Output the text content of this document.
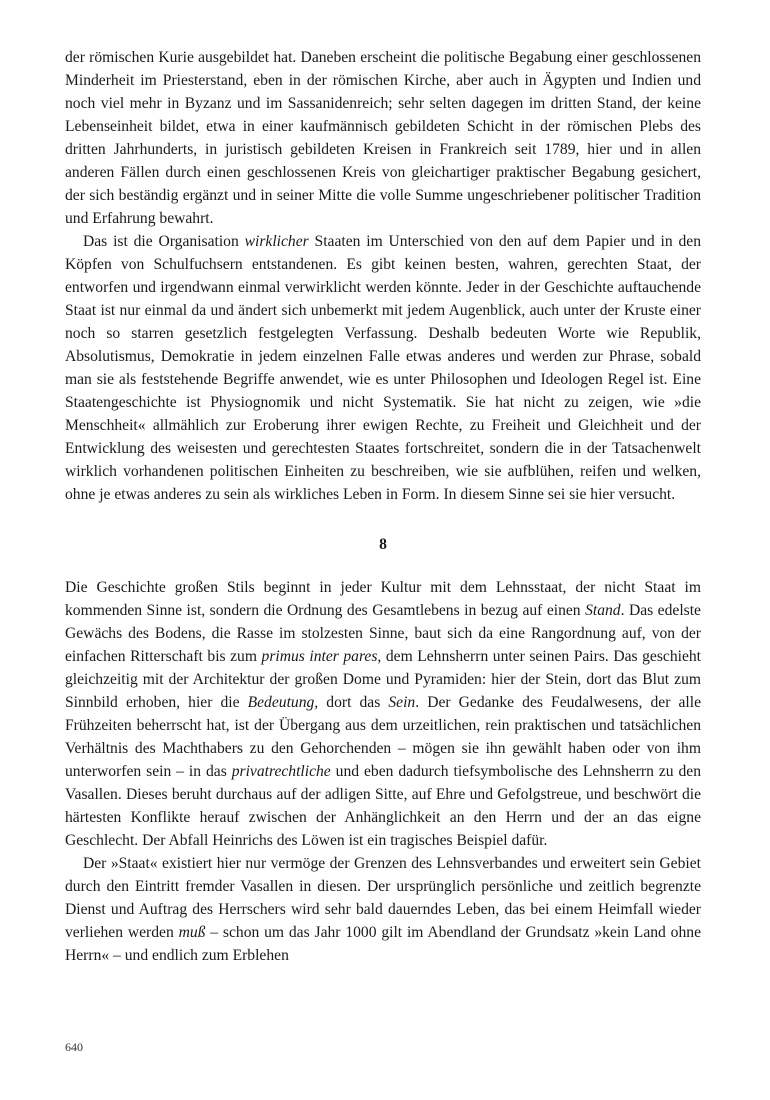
der römischen Kurie ausgebildet hat. Daneben erscheint die politische Begabung einer geschlossenen Minderheit im Priesterstand, eben in der römischen Kirche, aber auch in Ägypten und Indien und noch viel mehr in Byzanz und im Sassanidenreich; sehr selten dagegen im dritten Stand, der keine Lebenseinheit bildet, etwa in einer kaufmännisch gebildeten Schicht in der römischen Plebs des dritten Jahrhunderts, in juristisch gebildeten Kreisen in Frankreich seit 1789, hier und in allen anderen Fällen durch einen geschlossenen Kreis von gleichartiger praktischer Begabung gesichert, der sich beständig ergänzt und in seiner Mitte die volle Summe ungeschriebener politischer Tradition und Erfahrung bewahrt.

Das ist die Organisation wirklicher Staaten im Unterschied von den auf dem Papier und in den Köpfen von Schulfuchsern entstandenen. Es gibt keinen besten, wahren, gerechten Staat, der entworfen und irgendwann einmal verwirklicht werden könnte. Jeder in der Geschichte auftauchende Staat ist nur einmal da und ändert sich unbemerkt mit jedem Augenblick, auch unter der Kruste einer noch so starren gesetzlich festgelegten Verfassung. Deshalb bedeuten Worte wie Republik, Absolutismus, Demokratie in jedem einzelnen Falle etwas anderes und werden zur Phrase, sobald man sie als feststehende Begriffe anwendet, wie es unter Philosophen und Ideologen Regel ist. Eine Staatengeschichte ist Physiognomik und nicht Systematik. Sie hat nicht zu zeigen, wie »die Menschheit« allmählich zur Eroberung ihrer ewigen Rechte, zu Freiheit und Gleichheit und der Entwicklung des weisesten und gerechtesten Staates fortschreitet, sondern die in der Tatsachenwelt wirklich vorhandenen politischen Einheiten zu beschreiben, wie sie aufblühen, reifen und welken, ohne je etwas anderes zu sein als wirkliches Leben in Form. In diesem Sinne sei sie hier versucht.

8

Die Geschichte großen Stils beginnt in jeder Kultur mit dem Lehnsstaat, der nicht Staat im kommenden Sinne ist, sondern die Ordnung des Gesamtlebens in bezug auf einen Stand. Das edelste Gewächs des Bodens, die Rasse im stolzesten Sinne, baut sich da eine Rangordnung auf, von der einfachen Ritterschaft bis zum primus inter pares, dem Lehnsherrn unter seinen Pairs. Das geschieht gleichzeitig mit der Architektur der großen Dome und Pyramiden: hier der Stein, dort das Blut zum Sinnbild erhoben, hier die Bedeutung, dort das Sein. Der Gedanke des Feudalwesens, der alle Frühzeiten beherrscht hat, ist der Übergang aus dem urzeitlichen, rein praktischen und tatsächlichen Verhältnis des Machthabers zu den Gehorchenden – mögen sie ihn gewählt haben oder von ihm unterworfen sein – in das privatrechtliche und eben dadurch tiefsymbolische des Lehnsherrn zu den Vasallen. Dieses beruht durchaus auf der adligen Sitte, auf Ehre und Gefolgstreue, und beschwört die härtesten Konflikte herauf zwischen der Anhänglichkeit an den Herrn und der an das eigne Geschlecht. Der Abfall Heinrichs des Löwen ist ein tragisches Beispiel dafür.

Der »Staat« existiert hier nur vermöge der Grenzen des Lehnsverbandes und erweitert sein Gebiet durch den Eintritt fremder Vasallen in diesen. Der ursprünglich persönliche und zeitlich begrenzte Dienst und Auftrag des Herrschers wird sehr bald dauerndes Leben, das bei einem Heimfall wieder verliehen werden muß – schon um das Jahr 1000 gilt im Abendland der Grundsatz »kein Land ohne Herrn« – und endlich zum Erblehen

640
